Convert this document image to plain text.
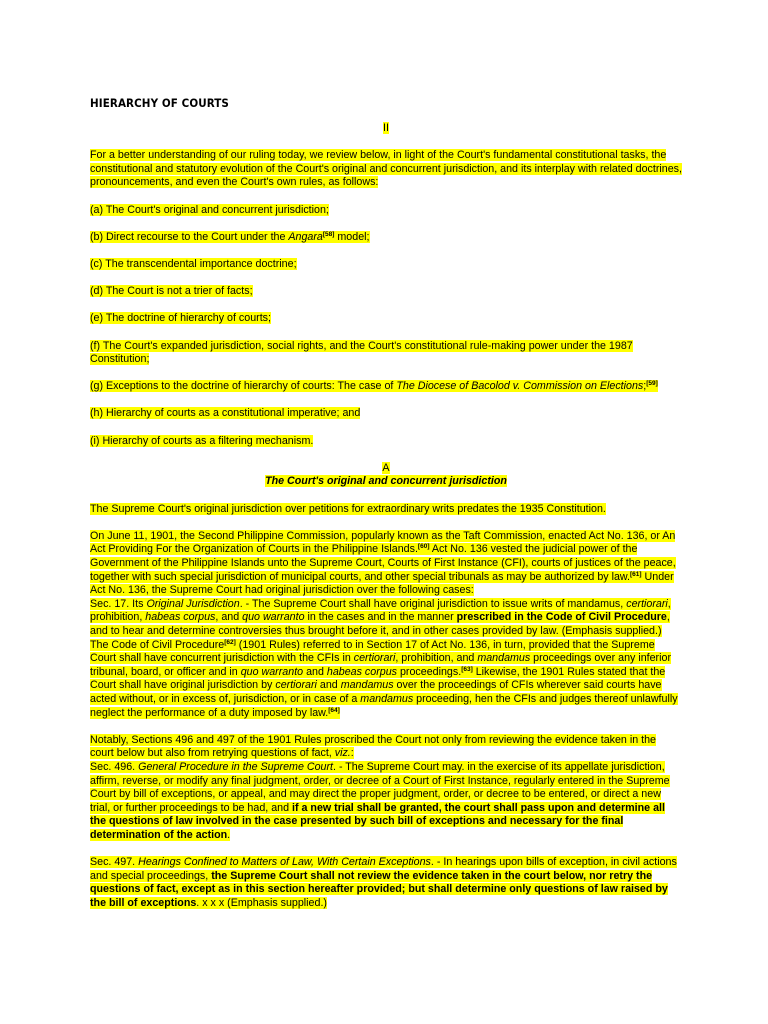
HIERARCHY OF COURTS

II

For a better understanding of our ruling today, we review below, in light of the Court's fundamental constitutional tasks, the constitutional and statutory evolution of the Court's original and concurrent jurisdiction, and its interplay with related doctrines, pronouncements, and even the Court's own rules, as follows:

(a) The Court's original and concurrent jurisdiction;

(b) Direct recourse to the Court under the Angara[58] model;

(c) The transcendental importance doctrine;

(d) The Court is not a trier of facts;

(e) The doctrine of hierarchy of courts;

(f) The Court's expanded jurisdiction, social rights, and the Court's constitutional rule-making power under the 1987 Constitution;

(g) Exceptions to the doctrine of hierarchy of courts: The case of The Diocese of Bacolod v. Commission on Elections;[59]

(h) Hierarchy of courts as a constitutional imperative; and

(i) Hierarchy of courts as a filtering mechanism.

A

The Court's original and concurrent jurisdiction

The Supreme Court's original jurisdiction over petitions for extraordinary writs predates the 1935 Constitution.

On June 11, 1901, the Second Philippine Commission, popularly known as the Taft Commission, enacted Act No. 136, or An Act Providing For the Organization of Courts in the Philippine Islands.[60] Act No. 136 vested the judicial power of the Government of the Philippine Islands unto the Supreme Court, Courts of First Instance (CFI), courts of justices of the peace, together with such special jurisdiction of municipal courts, and other special tribunals as may be authorized by law.[61] Under Act No. 136, the Supreme Court had original jurisdiction over the following cases:

Sec. 17. Its Original Jurisdiction. - The Supreme Court shall have original jurisdiction to issue writs of mandamus, certiorari, prohibition, habeas corpus, and quo warranto in the cases and in the manner prescribed in the Code of Civil Procedure, and to hear and determine controversies thus brought before it, and in other cases provided by law. (Emphasis supplied.)

The Code of Civil Procedure[62] (1901 Rules) referred to in Section 17 of Act No. 136, in turn, provided that the Supreme Court shall have concurrent jurisdiction with the CFIs in certiorari, prohibition, and mandamus proceedings over any inferior tribunal, board, or officer and in quo warranto and habeas corpus proceedings.[63] Likewise, the 1901 Rules stated that the Court shall have original jurisdiction by certiorari and mandamus over the proceedings of CFIs wherever said courts have acted without, or in excess of, jurisdiction, or in case of a mandamus proceeding, hen the CFIs and judges thereof unlawfully neglect the performance of a duty imposed by law.[64]

Notably, Sections 496 and 497 of the 1901 Rules proscribed the Court not only from reviewing the evidence taken in the court below but also from retrying questions of fact, viz.:

Sec. 496. General Procedure in the Supreme Court. - The Supreme Court may. in the exercise of its appellate jurisdiction, affirm, reverse, or modify any final judgment, order, or decree of a Court of First Instance, regularly entered in the Supreme Court by bill of exceptions, or appeal, and may direct the proper judgment, order, or decree to be entered, or direct a new trial, or further proceedings to be had, and if a new trial shall be granted, the court shall pass upon and determine all the questions of law involved in the case presented by such bill of exceptions and necessary for the final determination of the action.

Sec. 497. Hearings Confined to Matters of Law, With Certain Exceptions. - In hearings upon bills of exception, in civil actions and special proceedings, the Supreme Court shall not review the evidence taken in the court below, nor retry the questions of fact, except as in this section hereafter provided; but shall determine only questions of law raised by the bill of exceptions. x x x (Emphasis supplied.)
